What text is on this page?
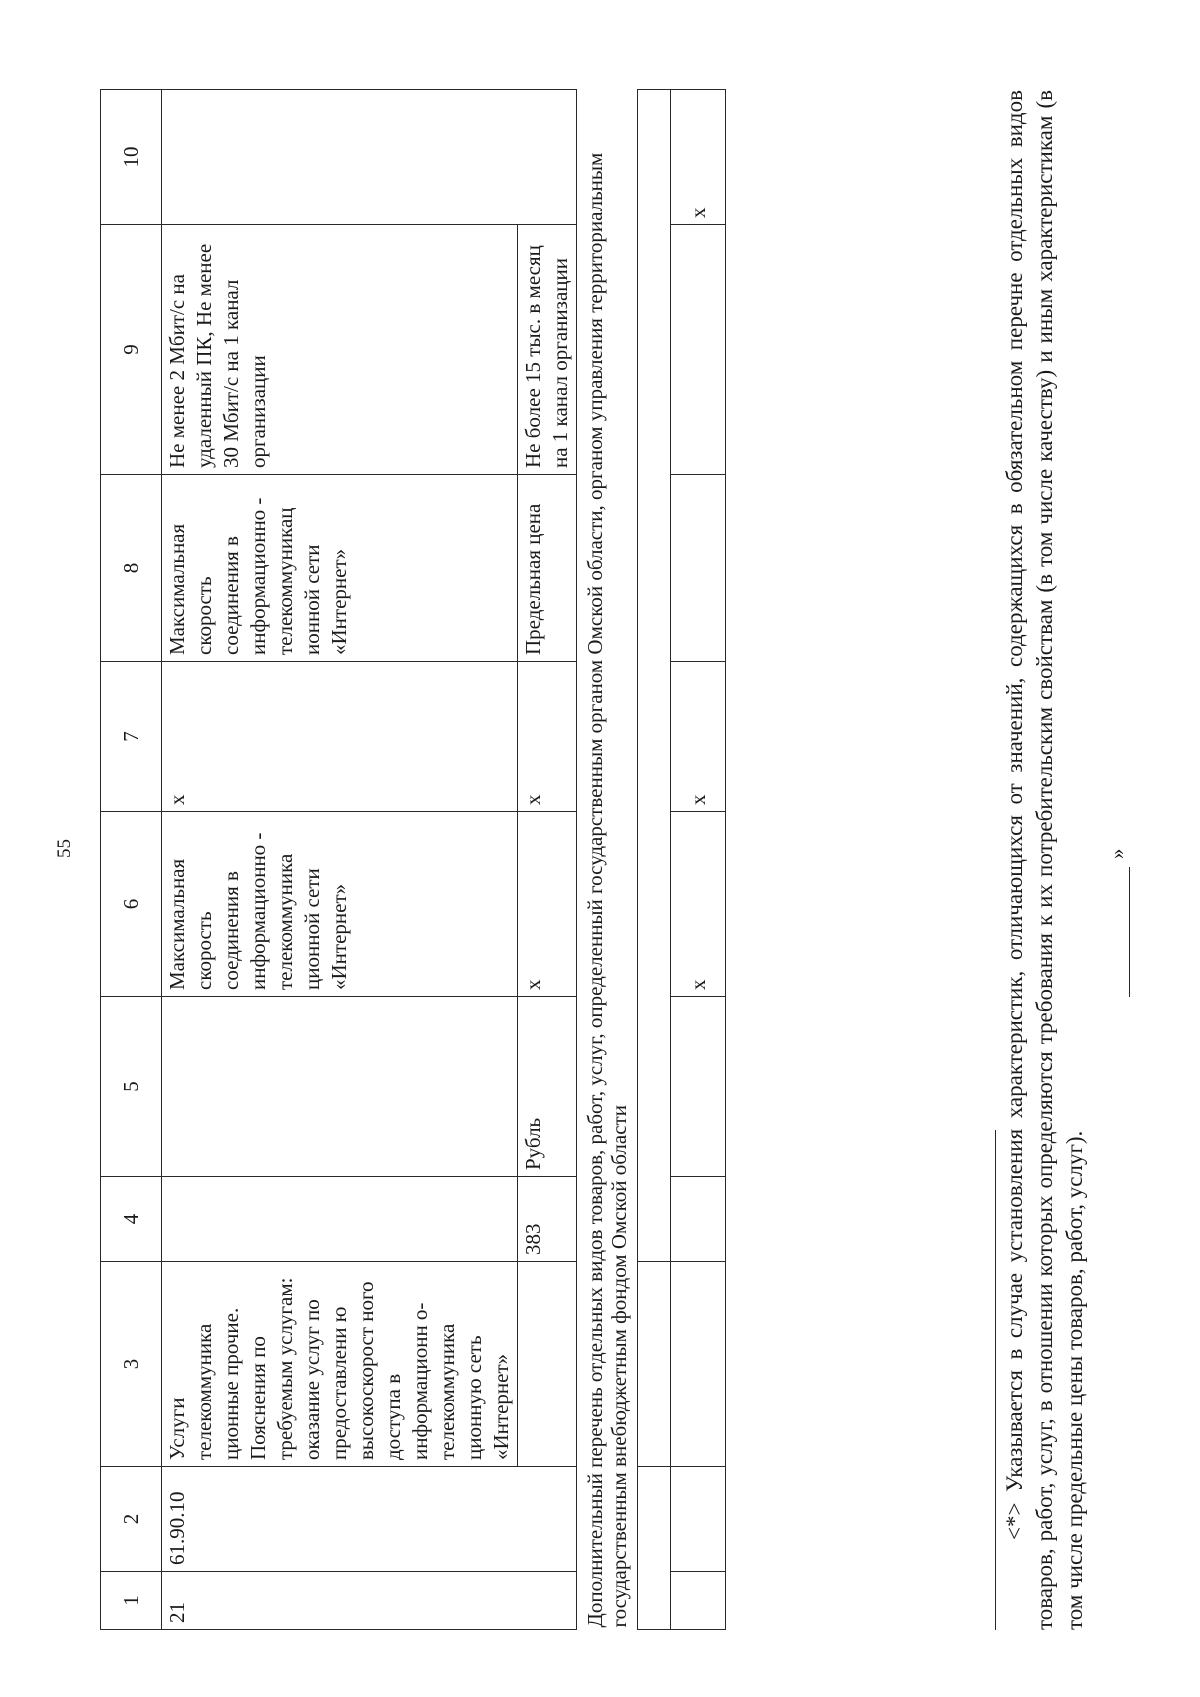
55
1	2	3	4	5	6	7	8	9	10
21	61.90.10	Услуги телекоммуника ционные прочие. Пояснения по требуемым услугам: оказание услуг по предоставлени ю высокоскорост ного доступа в информационн о-телекоммуника ционную сеть «Интернет»			Максимальная скорость соединения в информационно - телекоммуника ционной сети «Интернет»	x	Максимальная скорость соединения в информационно - телекоммуникац ионной сети «Интернет»	Не менее 2 Мбит/с на удаленный ПК, Не менее 30 Мбит/с на 1 канал организации	
			383	Рубль	x	x	Предельная цена	Не более 15 тыс. в месяц на 1 канал организации	
Дополнительный перечень отдельных видов товаров, работ, услуг, определенный государственным органом Омской области, органом управления территориальным государственным внебюджетным фондом Омской области									

					x	x			x	<*> Указывается в случае установления характеристик, отличающихся от значений, содержащихся в обязательном перечне отдельных видов товаров, работ, услуг, в отношении которых определяются требования к их потребительским свойствам (в том числе качеству) и иным характеристикам (в том числе предельные цены товаров, работ, услуг).
»
